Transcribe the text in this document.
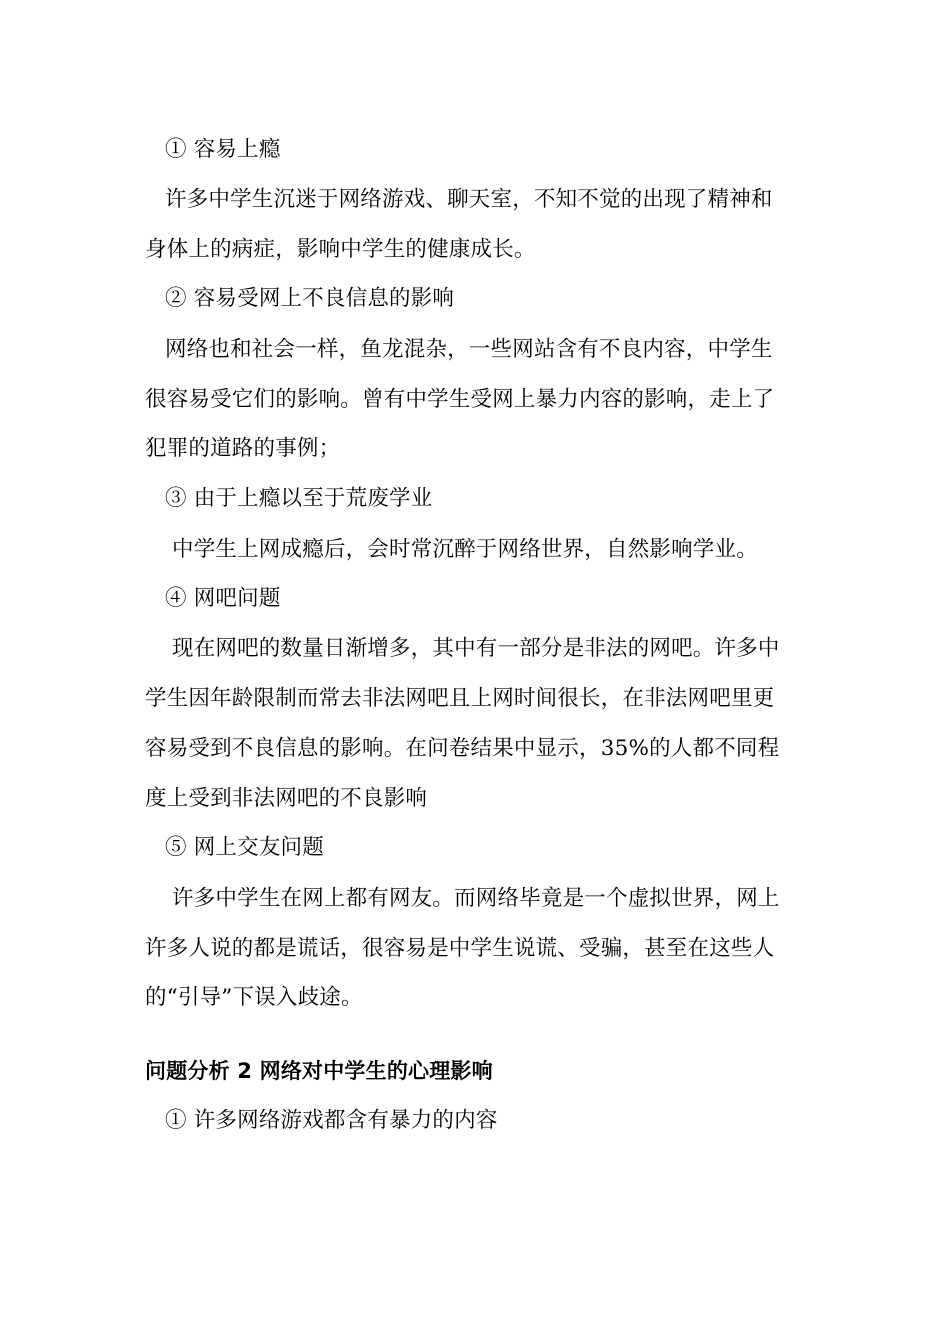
① 容易上瘾
许多中学生沉迷于网络游戏、聊天室，不知不觉的出现了精神和
身体上的病症，影响中学生的健康成长。
② 容易受网上不良信息的影响
网络也和社会一样，鱼龙混杂，一些网站含有不良内容，中学生
很容易受它们的影响。曾有中学生受网上暴力内容的影响，走上了
犯罪的道路的事例；
③ 由于上瘾以至于荒废学业
中学生上网成瘾后，会时常沉醉于网络世界，自然影响学业。
④ 网吧问题
现在网吧的数量日渐增多，其中有一部分是非法的网吧。许多中
学生因年龄限制而常去非法网吧且上网时间很长，在非法网吧里更
容易受到不良信息的影响。在问卷结果中显示，35%的人都不同程
度上受到非法网吧的不良影响
⑤ 网上交友问题
许多中学生在网上都有网友。而网络毕竟是一个虚拟世界，网上
许多人说的都是谎话，很容易是中学生说谎、受骗，甚至在这些人
的“引导”下误入歧途。
问题分析 2 网络对中学生的心理影响
① 许多网络游戏都含有暴力的内容
